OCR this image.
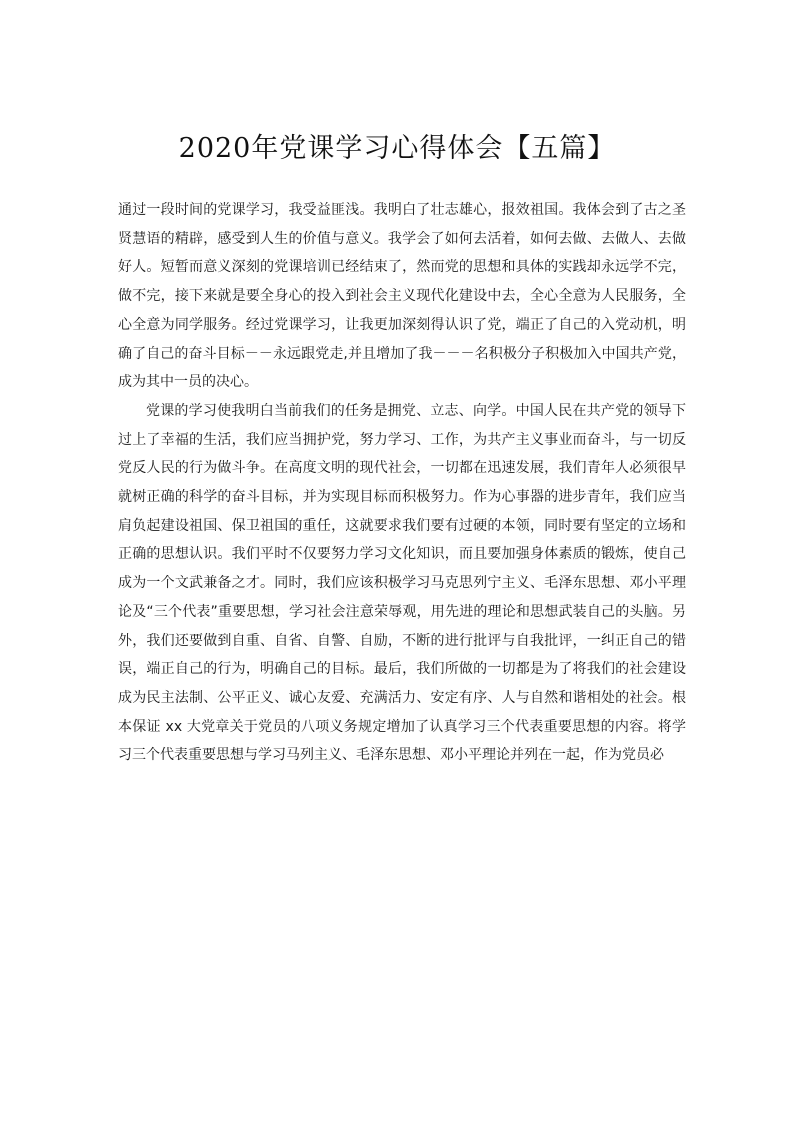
2020年党课学习心得体会【五篇】

通过一段时间的党课学习，我受益匪浅。我明白了壮志雄心，报效祖国。我体会到了古之圣贤慧语的精辟，感受到人生的价值与意义。我学会了如何去活着，如何去做、去做人、去做好人。短暂而意义深刻的党课培训已经结束了，然而党的思想和具体的实践却永远学不完，做不完，接下来就是要全身心的投入到社会主义现代化建设中去，全心全意为人民服务，全心全意为同学服务。经过党课学习，让我更加深刻得认识了党，端正了自己的入党动机，明确了自己的奋斗目标－－永远跟党走,并且增加了我－－－名积极分子积极加入中国共产党，成为其中一员的决心。

党课的学习使我明白当前我们的任务是拥党、立志、向学。中国人民在共产党的领导下过上了幸福的生活，我们应当拥护党，努力学习、工作，为共产主义事业而奋斗，与一切反党反人民的行为做斗争。在高度文明的现代社会，一切都在迅速发展，我们青年人必须很早就树正确的科学的奋斗目标，并为实现目标而积极努力。作为心事器的进步青年，我们应当肩负起建设祖国、保卫祖国的重任，这就要求我们要有过硬的本领，同时要有坚定的立场和正确的思想认识。我们平时不仅要努力学习文化知识，而且要加强身体素质的锻炼，使自己成为一个文武兼备之才。同时，我们应该积极学习马克思列宁主义、毛泽东思想、邓小平理论及“三个代表”重要思想，学习社会注意荣辱观，用先进的理论和思想武装自己的头脑。另外，我们还要做到自重、自省、自警、自励，不断的进行批评与自我批评，一纠正自己的错误，端正自己的行为，明确自己的目标。最后，我们所做的一切都是为了将我们的社会建设成为民主法制、公平正义、诚心友爱、充满活力、安定有序、人与自然和谐相处的社会。根本保证 xx 大党章关于党员的八项义务规定增加了认真学习三个代表重要思想的内容。将学习三个代表重要思想与学习马列主义、毛泽东思想、邓小平理论并列在一起，作为党员必
